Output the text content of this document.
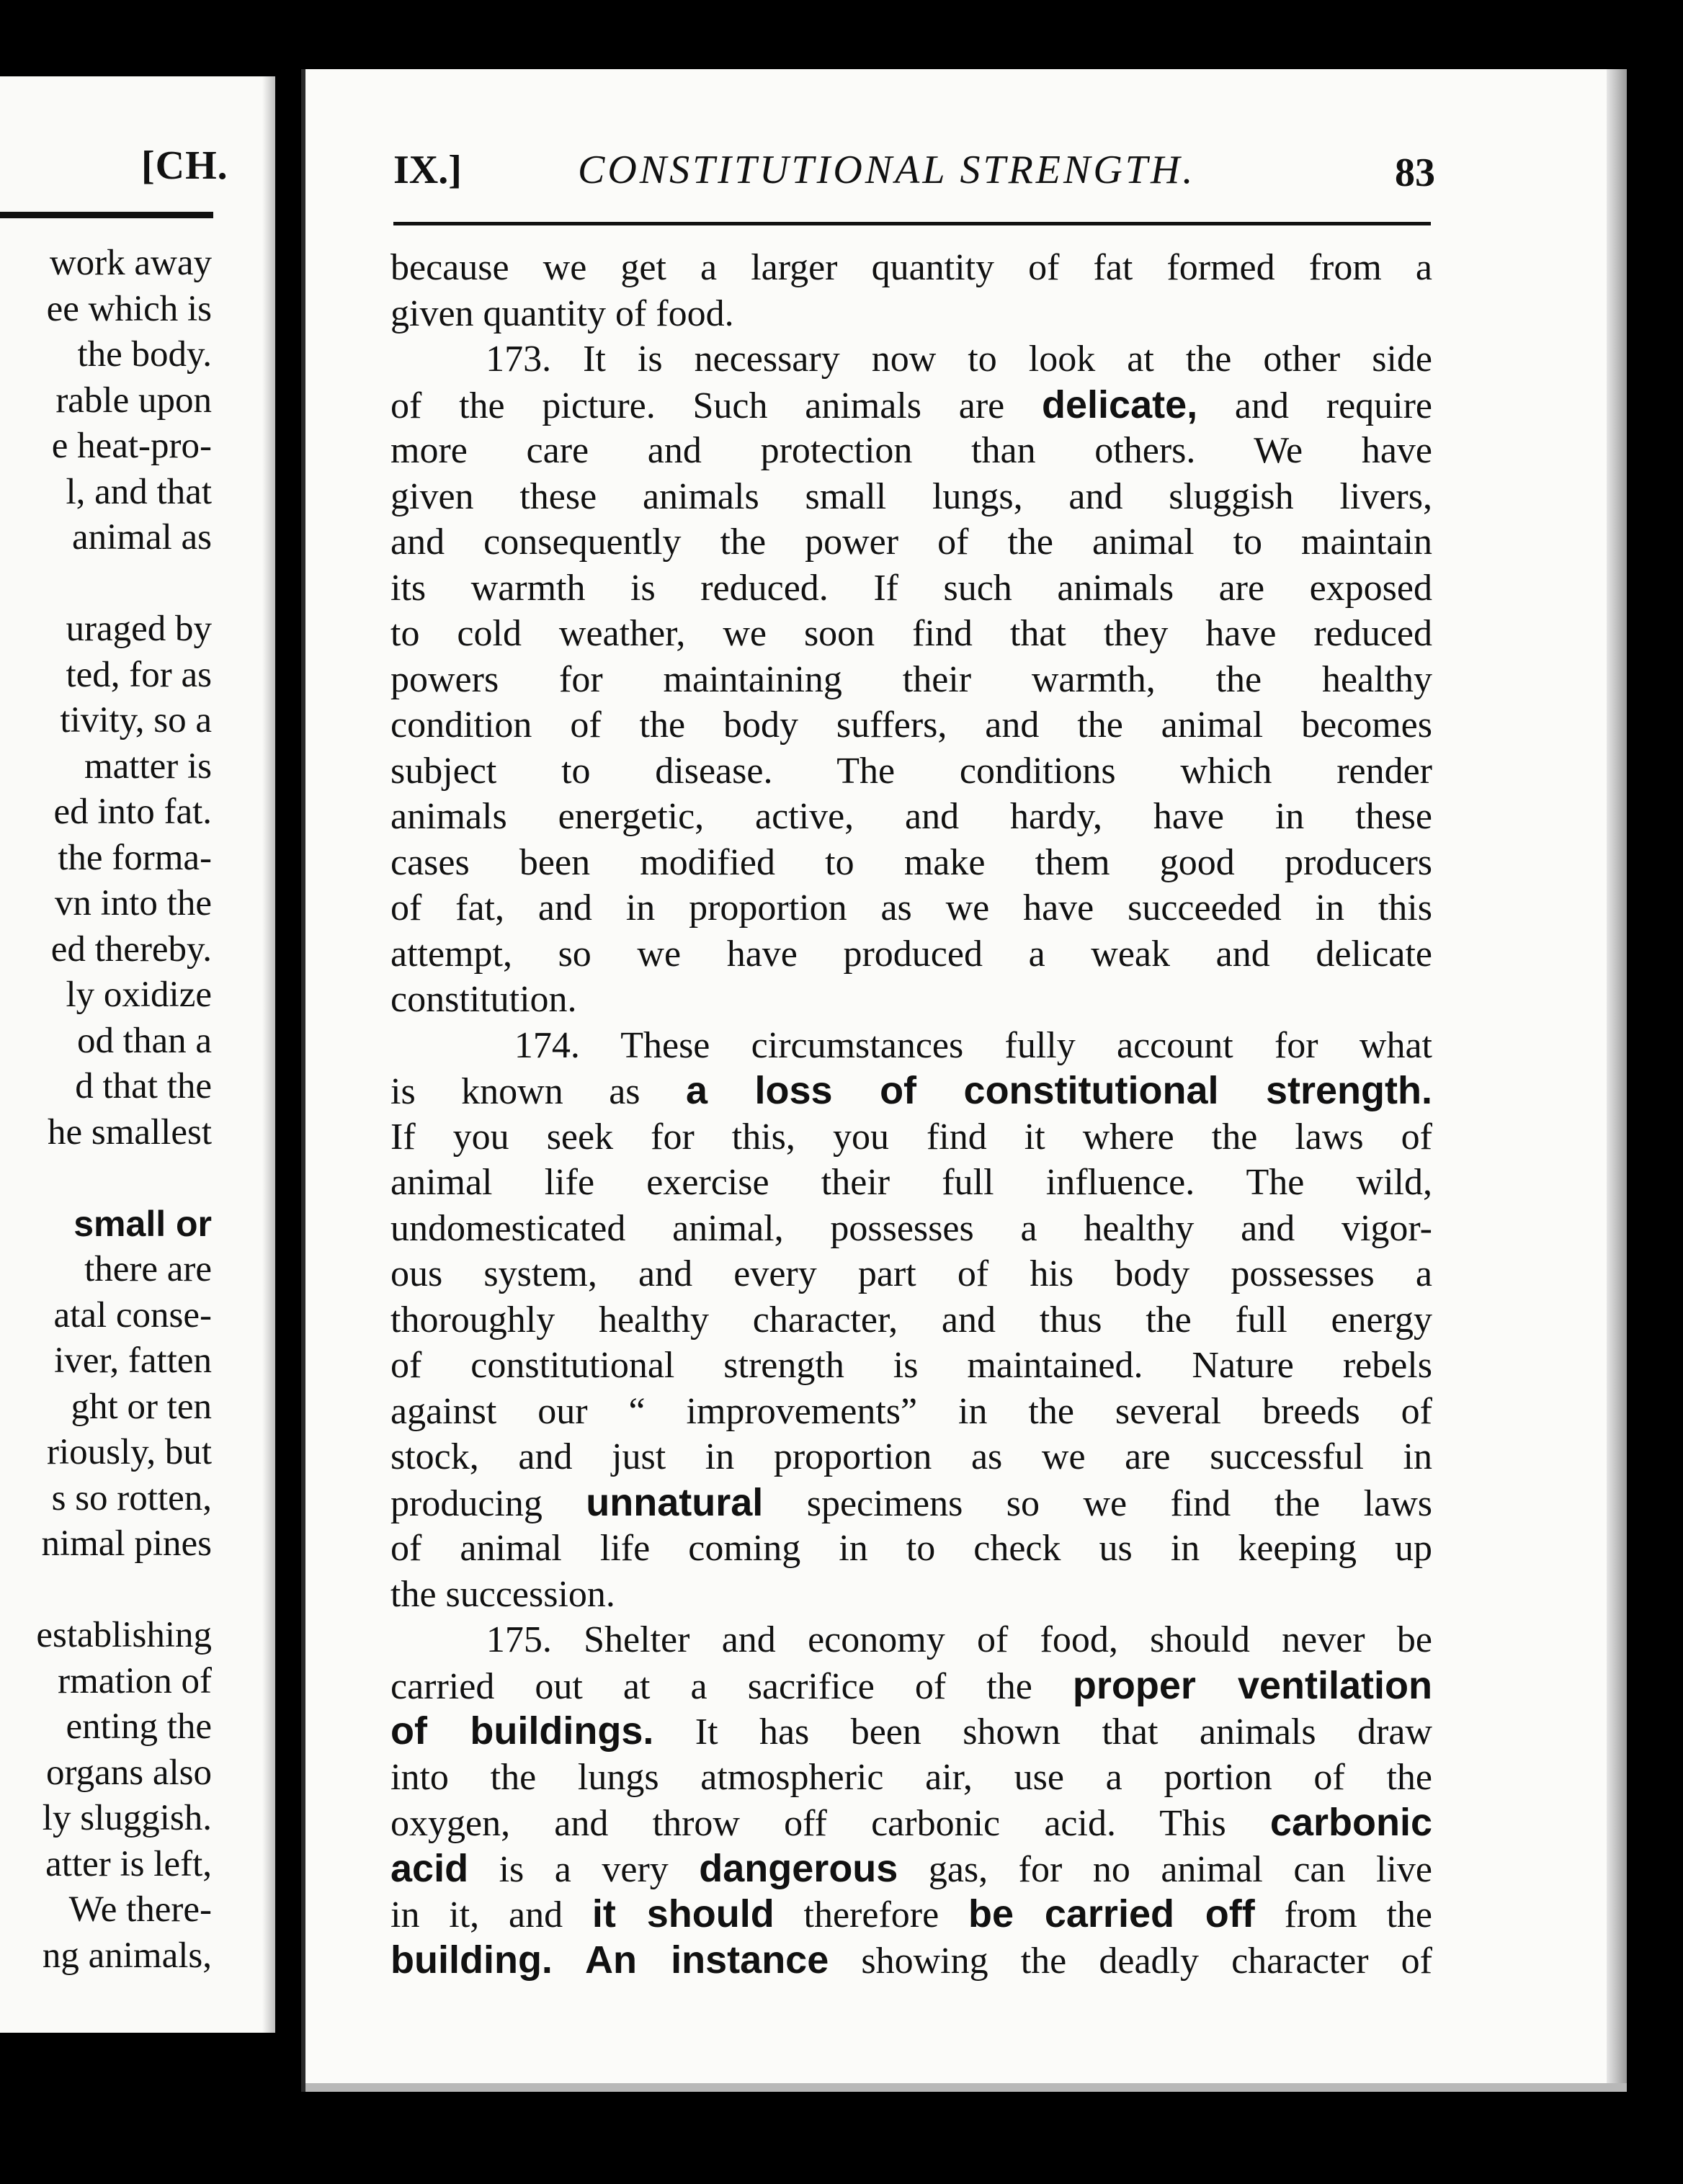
[CH.
work away
ee which is
the body.
rable upon
e heat-pro-
l, and that
animal as
uraged by
ted, for as
tivity, so a
matter is
ed into fat.
the forma-
vn into the
ed thereby.
ly oxidize
od than a
d that the
he smallest
small or
there are
atal conse-
iver, fatten
ght or ten
riously, but
s so rotten,
nimal pines
establishing
rmation of
enting the
organs also
ly sluggish.
atter is left,
We there-
ng animals,
IX.]	CONSTITUTIONAL STRENGTH.	83
because we get a larger quantity of fat formed from a
given quantity of food.
173. It is necessary now to look at the other side
of the picture. Such animals are delicate, and require
more care and protection than others. We have
given these animals small lungs, and sluggish livers,
and consequently the power of the animal to maintain
its warmth is reduced. If such animals are exposed
to cold weather, we soon find that they have reduced
powers for maintaining their warmth, the healthy
condition of the body suffers, and the animal becomes
subject to disease. The conditions which render
animals energetic, active, and hardy, have in these
cases been modified to make them good producers
of fat, and in proportion as we have succeeded in this
attempt, so we have produced a weak and delicate
constitution.
174. These circumstances fully account for what
is known as a loss of constitutional strength.
If you seek for this, you find it where the laws of
animal life exercise their full influence. The wild,
undomesticated animal, possesses a healthy and vigor-
ous system, and every part of his body possesses a
thoroughly healthy character, and thus the full energy
of constitutional strength is maintained. Nature rebels
against our “ improvements” in the several breeds of
stock, and just in proportion as we are successful in
producing unnatural specimens so we find the laws
of animal life coming in to check us in keeping up
the succession.
175. Shelter and economy of food, should never be
carried out at a sacrifice of the proper ventilation
of buildings. It has been shown that animals draw
into the lungs atmospheric air, use a portion of the
oxygen, and throw off carbonic acid. This carbonic
acid is a very dangerous gas, for no animal can live
in it, and it should therefore be carried off from the
building. An instance showing the deadly character of
